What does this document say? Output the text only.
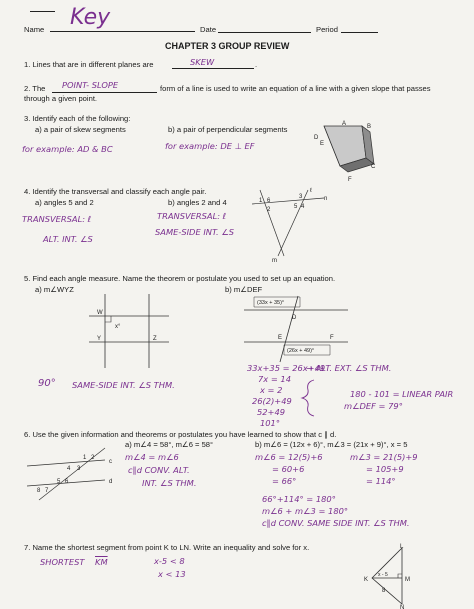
Name Key	Date	Period
CHAPTER 3 GROUP REVIEW
1. Lines that are in different planes are	SKEW	.
2. The POINT- SLOPE	form of a line is used to write an equation of a line with a given slope that passes
through a given point.
3. Identify each of the following:
a) a pair of skew segments	b) a pair of perpendicular segments
for example: AD & BC	for example: DE ⊥ EF
A	B
C
D
E
F
4. Identify the transversal and classify each angle pair.
a) angles 5 and 2	b) angles 2 and 4
TRANSVERSAL: ℓ
ALT. INT. ∠S
TRANSVERSAL: ℓ
SAME-SIDE INT. ∠S
1 6
3
5 4
2
ℓ
n
m
5. Find each angle measure. Name the theorem or postulate you used to set up an equation.
a) m∠WYZ	b) m∠DEF
W
x°
Y	Z
(33x + 35)°
D
E	F
(26x + 49)°
90° SAME-SIDE INT. ∠S THM.
33x+35 = 26x+49
→ ALT. EXT. ∠S THM.
7x = 14
x = 2
26(2)+49
52+49
101°
180 - 101 = LINEAR PAIR
m∠DEF = 79°
6. Use the given information and theorems or postulates you have learned to show that c ∥ d.
a) m∠4 = 58°, m∠6 = 58°	b) m∠6 = (12x + 6)°, m∠3 = (21x + 9)°, x = 5
1 2
c
4 3
5 6
8 7
d
m∠4 = m∠6
c∥d CONV. ALT.
INT. ∠S THM.
m∠6 = 12(5)+6
= 60+6
= 66°
m∠3 = 21(5)+9
= 105+9
= 114°
66°+114° = 180°
m∠6 + m∠3 = 180°
c∥d CONV. SAME SIDE INT. ∠S THM.
7. Name the shortest segment from point K to LN. Write an inequality and solve for x.
SHORTEST $\overline{KM}$	x-5 < 8
x < 13
L
K
x - 5
M
8
N
